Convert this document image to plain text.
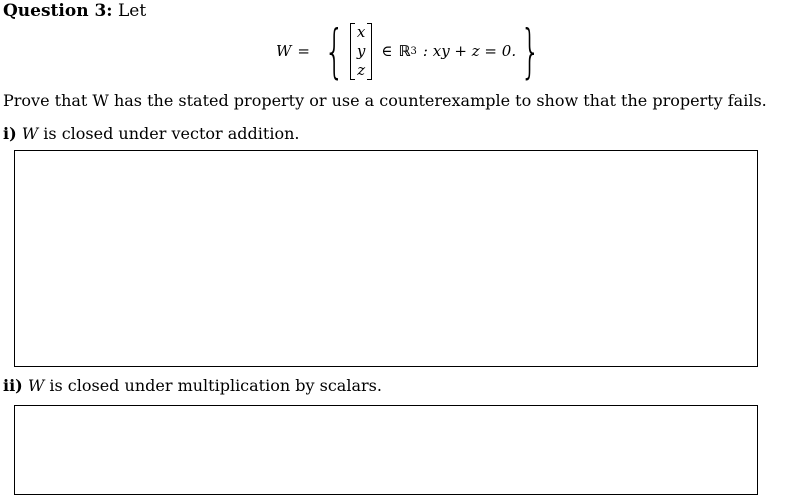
Question 3: Let
W = { x
y
z
∈ ℝ 3 : xy + z = 0. }
Prove that W has the stated property or use a counterexample to show that the property fails.
i) W is closed under vector addition.
ii) W is closed under multiplication by scalars.
